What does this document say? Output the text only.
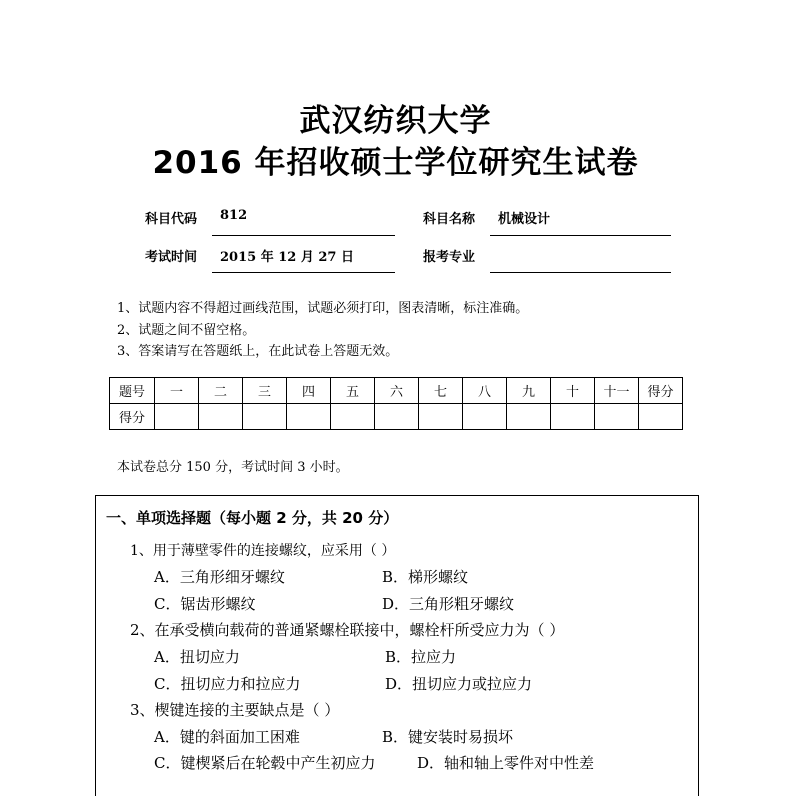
武汉纺织大学
2016 年招收硕士学位研究生试卷
科目代码 812	科目名称 机械设计
考试时间 2015 年 12 月 27 日	报考专业
1、试题内容不得超过画线范围，试题必须打印，图表清晰，标注准确。
2、试题之间不留空格。
3、答案请写在答题纸上，在此试卷上答题无效。
题号	一	二	三	四	五	六	七	八	九	十	十一	得分
得分												
本试卷总分 150 分，考试时间 3 小时。
一、单项选择题（每小题 2 分，共 20 分）
1、用于薄壁零件的连接螺纹，应采用（ ）
A．三角形细牙螺纹	B．梯形螺纹
C．锯齿形螺纹	D．三角形粗牙螺纹
2、在承受横向载荷的普通紧螺栓联接中，螺栓杆所受应力为（ ）
A．扭切应力	B．拉应力
C．扭切应力和拉应力	D．扭切应力或拉应力
3、楔键连接的主要缺点是（ ）
A．键的斜面加工困难	B．键安装时易损坏
C．键楔紧后在轮毂中产生初应力	D．轴和轴上零件对中性差
